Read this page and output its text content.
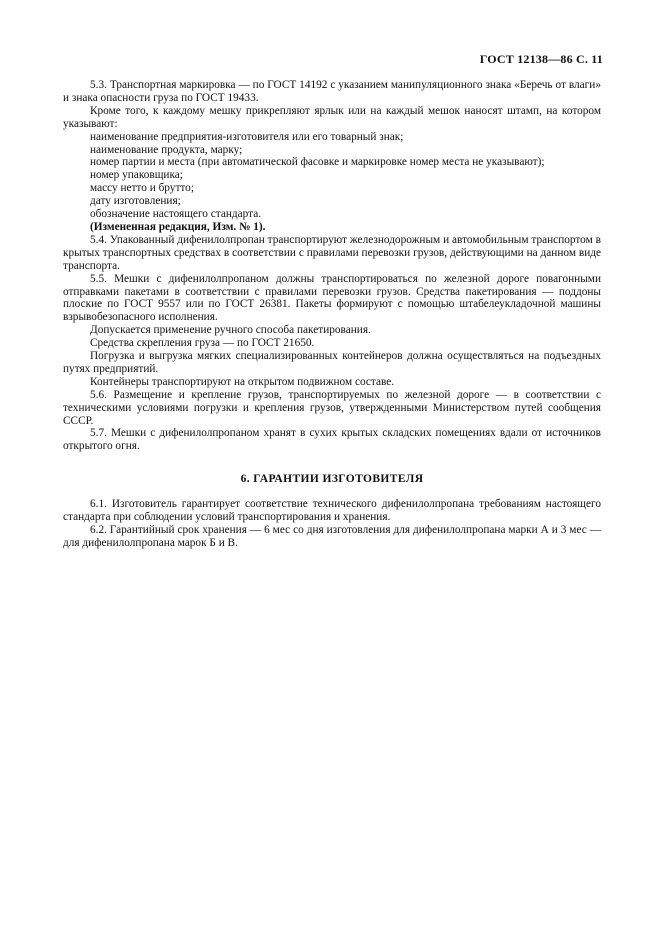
ГОСТ 12138—86 С. 11

5.3. Транспортная маркировка — по ГОСТ 14192 с указанием манипуляционного знака «Беречь от влаги» и знака опасности груза по ГОСТ 19433.

Кроме того, к каждому мешку прикрепляют ярлык или на каждый мешок наносят штамп, на котором указывают:

наименование предприятия-изготовителя или его товарный знак;

наименование продукта, марку;

номер партии и места (при автоматической фасовке и маркировке номер места не указывают);

номер упаковщика;

массу нетто и брутто;

дату изготовления;

обозначение настоящего стандарта.

(Измененная редакция, Изм. № 1).

5.4. Упакованный дифенилолпропан транспортируют железнодорожным и автомобильным транспортом в крытых транспортных средствах в соответствии с правилами перевозки грузов, действующими на данном виде транспорта.

5.5. Мешки с дифенилолпропаном должны транспортироваться по железной дороге повагонными отправками пакетами в соответствии с правилами перевозки грузов. Средства пакетирования — поддоны плоские по ГОСТ 9557 или по ГОСТ 26381. Пакеты формируют с помощью штабелеукладочной машины взрывобезопасного исполнения.

Допускается применение ручного способа пакетирования.

Средства скрепления груза — по ГОСТ 21650.

Погрузка и выгрузка мягких специализированных контейнеров должна осуществляться на подъездных путях предприятий.

Контейнеры транспортируют на открытом подвижном составе.

5.6. Размещение и крепление грузов, транспортируемых по железной дороге — в соответствии с техническими условиями погрузки и крепления грузов, утвержденными Министерством путей сообщения СССР.

5.7. Мешки с дифенилолпропаном хранят в сухих крытых складских помещениях вдали от источников открытого огня.

6. ГАРАНТИИ ИЗГОТОВИТЕЛЯ

6.1. Изготовитель гарантирует соответствие технического дифенилолпропана требованиям настоящего стандарта при соблюдении условий транспортирования и хранения.

6.2. Гарантийный срок хранения — 6 мес со дня изготовления для дифенилолпропана марки А и 3 мес — для дифенилолпропана марок Б и В.
